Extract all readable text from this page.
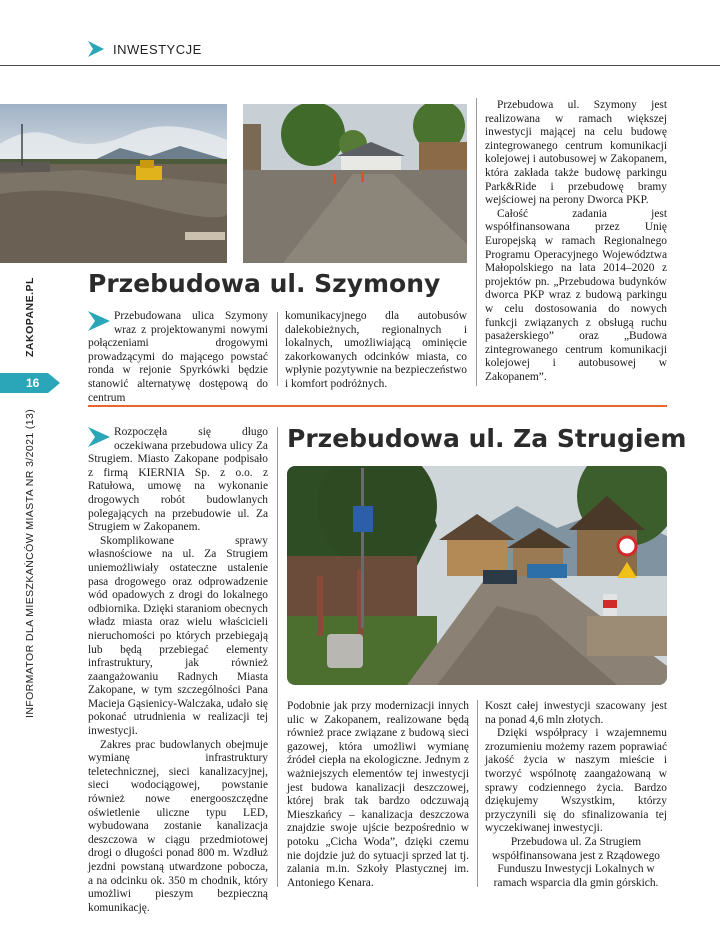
INWESTYCJE
ZAKOPANE.PL
16
INFORMATOR DLA MIESZKAŃCÓW MIASTA NR 3/2021 (13)
Przebudowa ul. Szymony

Przebudowana ulica Szymony wraz z projektowanymi nowymi połączeniami drogowymi prowadzącymi do mającego powstać ronda w rejonie Spyrkówki będzie stanowić alternatywę dostępową do centrum

komunikacyjnego dla autobusów dalekobieżnych, regionalnych i lokalnych, umożliwiającą ominięcie zakorkowanych odcinków miasta, co wpłynie pozytywnie na bezpieczeństwo i komfort podróżnych.

Przebudowa ul. Szymony jest realizowana w ramach większej inwestycji mającej na celu budowę zintegrowanego centrum komunikacji kolejowej i autobusowej w Zakopanem, która zakłada także budowę parkingu Park&Ride i przebudowę bramy wejściowej na perony Dworca PKP.

Całość zadania jest współfinansowana przez Unię Europejską w ramach Regionalnego Programu Operacyjnego Województwa Małopolskiego na lata 2014–2020 z projektów pn. „Przebudowa budynków dworca PKP wraz z budową parkingu w celu dostosowania do nowych funkcji związanych z obsługą ruchu pasażerskiego” oraz „Budowa zintegrowanego centrum komunikacji kolejowej i autobusowej w Zakopanem”.

Rozpoczęła się długo oczekiwana przebudowa ulicy Za Strugiem. Miasto Zakopane podpisało z firmą KIERNIA Sp. z o.o. z Ratułowa, umowę na wykonanie drogowych robót budowlanych polegających na przebudowie ul. Za Strugiem w Zakopanem.

Skomplikowane sprawy własnościowe na ul. Za Strugiem uniemożliwiały ostateczne ustalenie pasa drogowego oraz odprowadzenie wód opadowych z drogi do lokalnego odbiornika. Dzięki staraniom obecnych władz miasta oraz wielu właścicieli nieruchomości po których przebiegają lub będą przebiegać elementy infrastruktury, jak również zaangażowaniu Radnych Miasta Zakopane, w tym szczególności Pana Macieja Gąsienicy-Walczaka, udało się pokonać utrudnienia w realizacji tej inwestycji.

Zakres prac budowlanych obejmuje wymianę infrastruktury teletechnicznej, sieci kanalizacyjnej, sieci wodociągowej, powstanie również nowe energooszczędne oświetlenie uliczne typu LED, wybudowana zostanie kanalizacja deszczowa w ciągu przedmiotowej drogi o długości ponad 800 m. Wzdłuż jezdni powstaną utwardzone pobocza, a na odcinku ok. 350 m chodnik, który umożliwi pieszym bezpieczną komunikację.

Przebudowa ul. Za Strugiem

Podobnie jak przy modernizacji innych ulic w Zakopanem, realizowane będą również prace związane z budową sieci gazowej, która umożliwi wymianę źródeł ciepła na ekologiczne. Jednym z ważniejszych elementów tej inwestycji jest budowa kanalizacji deszczowej, której brak tak bardzo odczuwają Mieszkańcy – kanalizacja deszczowa znajdzie swoje ujście bezpośrednio w potoku „Cicha Woda”, dzięki czemu nie dojdzie już do sytuacji sprzed lat tj. zalania m.in. Szkoły Plastycznej im. Antoniego Kenara.

Koszt całej inwestycji szacowany jest na ponad 4,6 mln złotych.

Dzięki współpracy i wzajemnemu zrozumieniu możemy razem poprawiać jakość życia w naszym mieście i tworzyć wspólnotę zaangażowaną w sprawy codziennego życia. Bardzo dziękujemy Wszystkim, którzy przyczynili się do sfinalizowania tej wyczekiwanej inwestycji.

Przebudowa ul. Za Strugiem współfinansowana jest z Rządowego Funduszu Inwestycji Lokalnych w ramach wsparcia dla gmin górskich.
